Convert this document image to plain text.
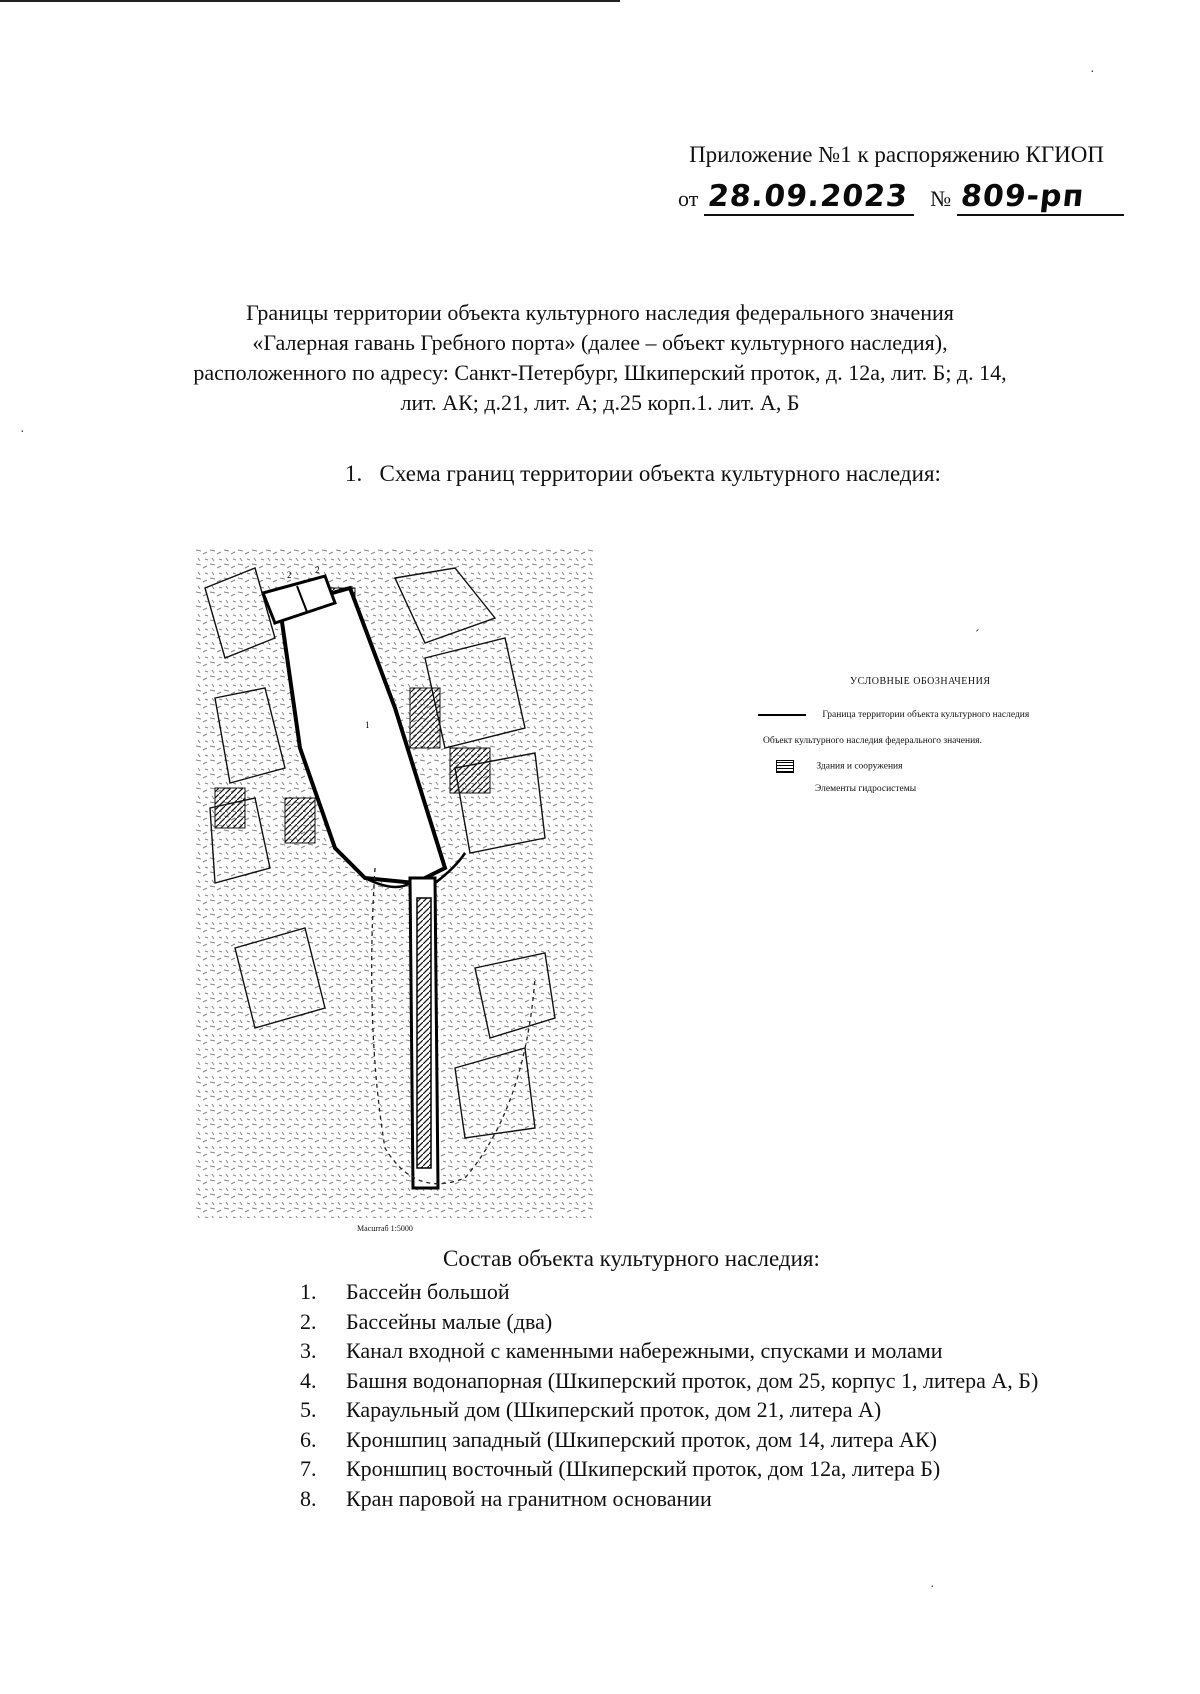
Приложение №1 к распоряжению КГИОП
от 28.09.2023 № 809-рп
Границы территории объекта культурного наследия федерального значения
«Галерная гавань Гребного порта» (далее – объект культурного наследия),
расположенного по адресу: Санкт-Петербург, Шкиперский проток, д. 12а, лит. Б; д. 14,
лит. АК; д.21, лит. А; д.25 корп.1. лит. А, Б
1. Схема границ территории объекта культурного наследия:
2	2
1
Масштаб 1:5000
УСЛОВНЫЕ ОБОЗНАЧЕНИЯ
Граница территории объекта культурного наследия
Объект культурного наследия федерального значения.
Здания и сооружения
Элементы гидросистемы
Состав объекта культурного наследия:
1.	Бассейн большой
2.	Бассейны малые (два)
3.	Канал входной с каменными набережными, спусками и молами
4.	Башня водонапорная (Шкиперский проток, дом 25, корпус 1, литера А, Б)
5.	Караульный дом (Шкиперский проток, дом 21, литера А)
6.	Кроншпиц западный (Шкиперский проток, дом 14, литера АК)
7.	Кроншпиц восточный (Шкиперский проток, дом 12а, литера Б)
8.	Кран паровой на гранитном основании
·
·
ˊ
·
